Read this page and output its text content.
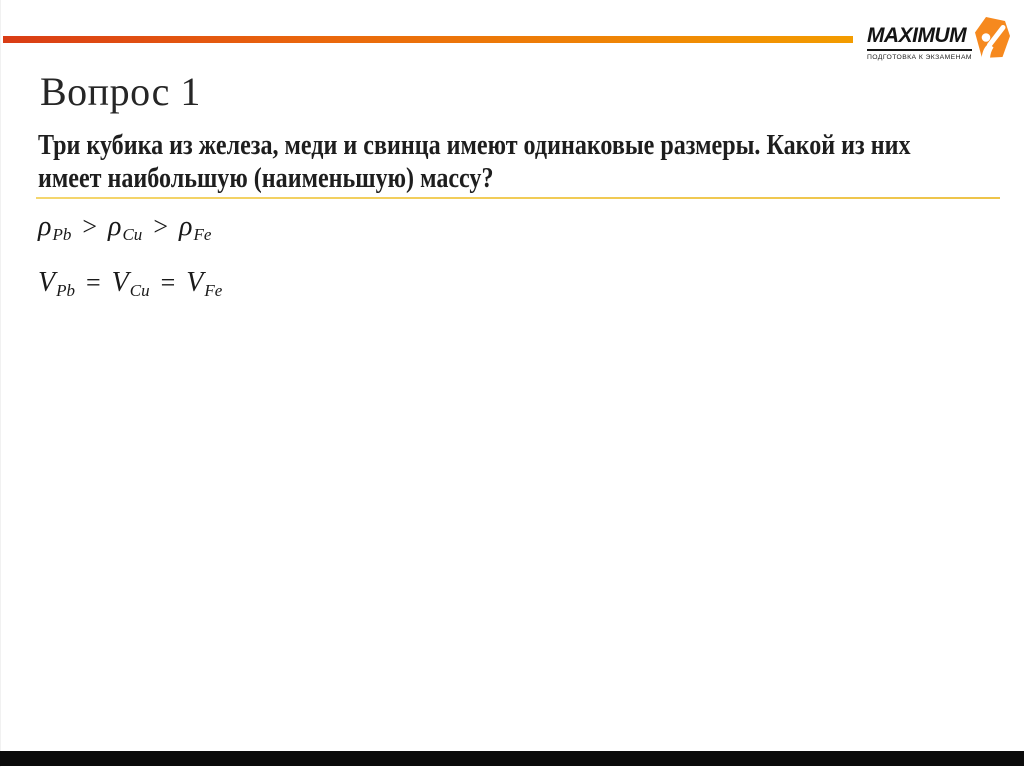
MAXIMUM
ПОДГОТОВКА К ЭКЗАМЕНАМ
Вопрос 1
Три кубика из железа, меди и свинца имеют одинаковые размеры. Какой из них
имеет наибольшую (наименьшую) массу?
$\rho_{Pb} > \rho_{Cu} > \rho_{Fe}$
$V_{Pb} = V_{Cu} = V_{Fe}$
